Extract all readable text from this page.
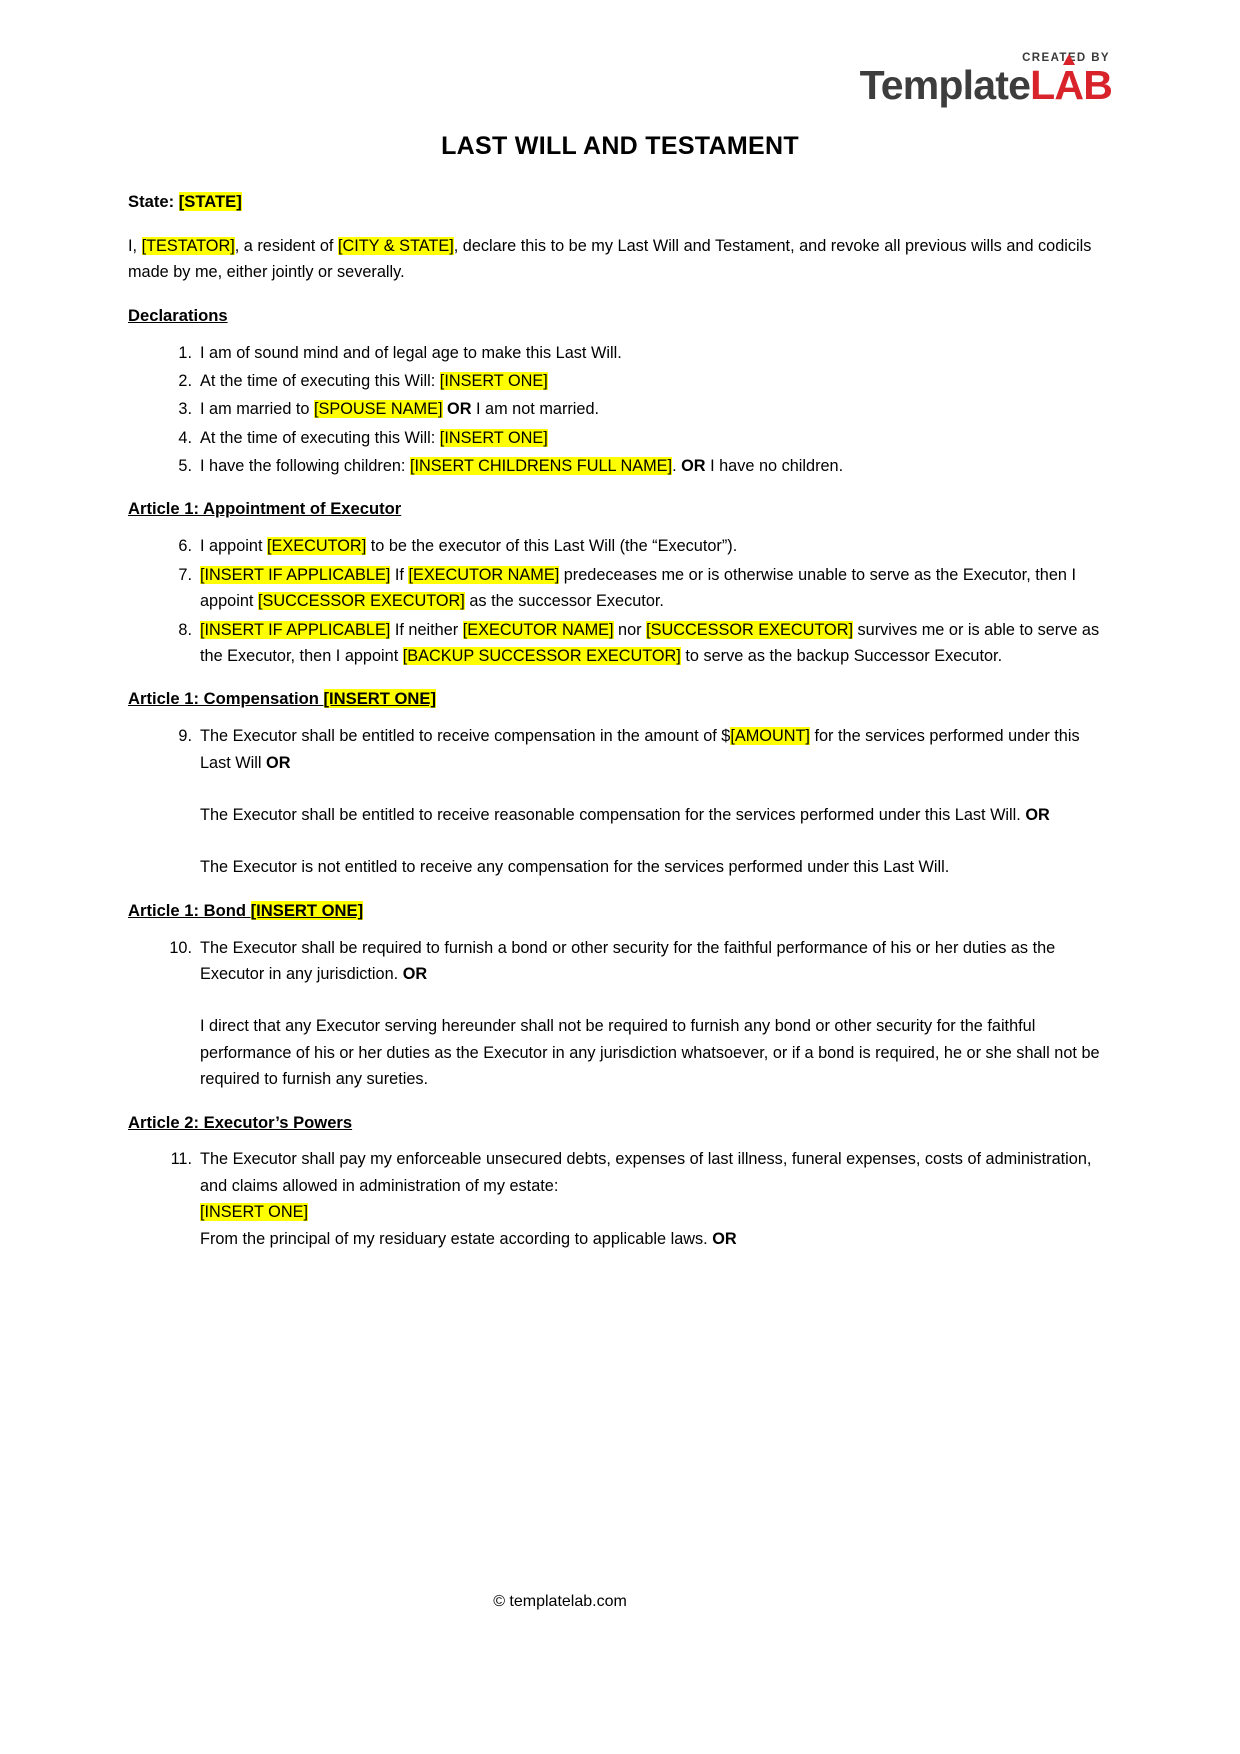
CREATED BY
Template L A B
LAST WILL AND TESTAMENT

State: [STATE]

I, [TESTATOR], a resident of [CITY & STATE], declare this to be my Last Will and Testament, and revoke all previous wills and codicils made by me, either jointly or severally.

Declarations

1. I am of sound mind and of legal age to make this Last Will.
2. At the time of executing this Will: [INSERT ONE]
3. I am married to [SPOUSE NAME] OR I am not married.
4. At the time of executing this Will: [INSERT ONE]
5. I have the following children: [INSERT CHILDRENS FULL NAME]. OR I have no children.

Article 1: Appointment of Executor

6. I appoint [EXECUTOR] to be the executor of this Last Will (the “Executor”).
7. [INSERT IF APPLICABLE] If [EXECUTOR NAME] predeceases me or is otherwise unable to serve as the Executor, then I appoint [SUCCESSOR EXECUTOR] as the successor Executor.
8. [INSERT IF APPLICABLE] If neither [EXECUTOR NAME] nor [SUCCESSOR EXECUTOR] survives me or is able to serve as the Executor, then I appoint [BACKUP SUCCESSOR EXECUTOR] to serve as the backup Successor Executor.

Article 1: Compensation [INSERT ONE]

9. The Executor shall be entitled to receive compensation in the amount of $[AMOUNT] for the services performed under this Last Will OR

The Executor shall be entitled to receive reasonable compensation for the services performed under this Last Will. OR

The Executor is not entitled to receive any compensation for the services performed under this Last Will.

Article 1: Bond [INSERT ONE]

10. The Executor shall be required to furnish a bond or other security for the faithful performance of his or her duties as the Executor in any jurisdiction. OR

I direct that any Executor serving hereunder shall not be required to furnish any bond or other security for the faithful performance of his or her duties as the Executor in any jurisdiction whatsoever, or if a bond is required, he or she shall not be required to furnish any sureties.

Article 2: Executor’s Powers

11. The Executor shall pay my enforceable unsecured debts, expenses of last illness, funeral expenses, costs of administration, and claims allowed in administration of my estate:
[INSERT ONE]
From the principal of my residuary estate according to applicable laws. OR
© templatelab.com
